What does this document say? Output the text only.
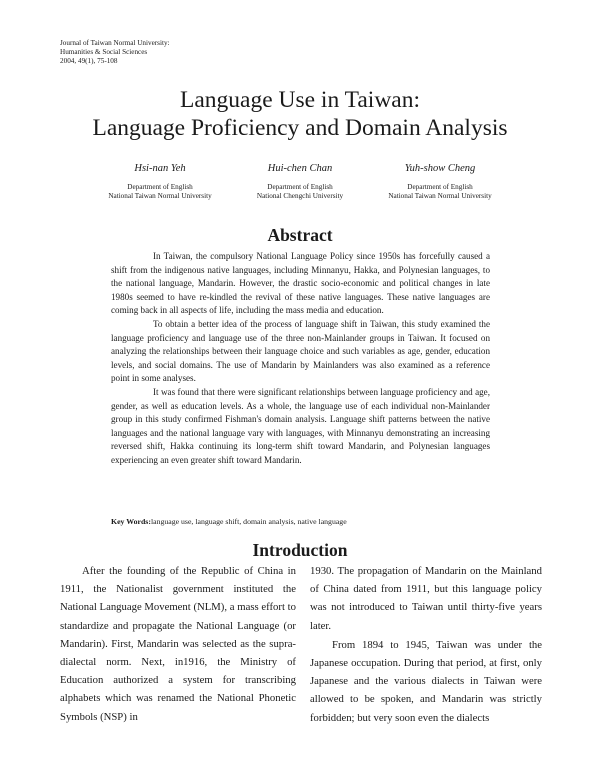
Journal of Taiwan Normal University:
Humanities & Social Sciences
2004, 49(1), 75-108
Language Use in Taiwan:
Language Proficiency and Domain Analysis
Hsi-nan Yeh
Department of English
National Taiwan Normal University
Hui-chen Chan
Department of English
National Chengchi University
Yuh-show Cheng
Department of English
National Taiwan Normal University
Abstract

In Taiwan, the compulsory National Language Policy since 1950s has forcefully caused a shift from the indigenous native languages, including Minnanyu, Hakka, and Polynesian languages, to the national language, Mandarin. However, the drastic socio-economic and political changes in late 1980s seemed to have re-kindled the revival of these native languages. These native languages are coming back in all aspects of life, including the mass media and education.

To obtain a better idea of the process of language shift in Taiwan, this study examined the language proficiency and language use of the three non-Mainlander groups in Taiwan. It focused on analyzing the relationships between their language choice and such variables as age, gender, education levels, and social domains. The use of Mandarin by Mainlanders was also examined as a reference point in some analyses.

It was found that there were significant relationships between language proficiency and age, gender, as well as education levels. As a whole, the language use of each individual non-Mainlander group in this study confirmed Fishman's domain analysis. Language shift patterns between the native languages and the national language vary with languages, with Minnanyu demonstrating an increasing reversed shift, Hakka continuing its long-term shift toward Mandarin, and Polynesian languages experiencing an even greater shift toward Mandarin.

Key Words:language use, language shift, domain analysis, native language
Introduction

After the founding of the Republic of China in 1911, the Nationalist government instituted the National Language Movement (NLM), a mass effort to standardize and propagate the National Language (or Mandarin). First, Mandarin was selected as the supra-dialectal norm. Next, in1916, the Ministry of Education authorized a system for transcribing alphabets which was renamed the National Phonetic Symbols (NSP) in

1930. The propagation of Mandarin on the Mainland of China dated from 1911, but this language policy was not introduced to Taiwan until thirty-five years later.

From 1894 to 1945, Taiwan was under the Japanese occupation. During that period, at first, only Japanese and the various dialects in Taiwan were allowed to be spoken, and Mandarin was strictly forbidden; but very soon even the dialects
